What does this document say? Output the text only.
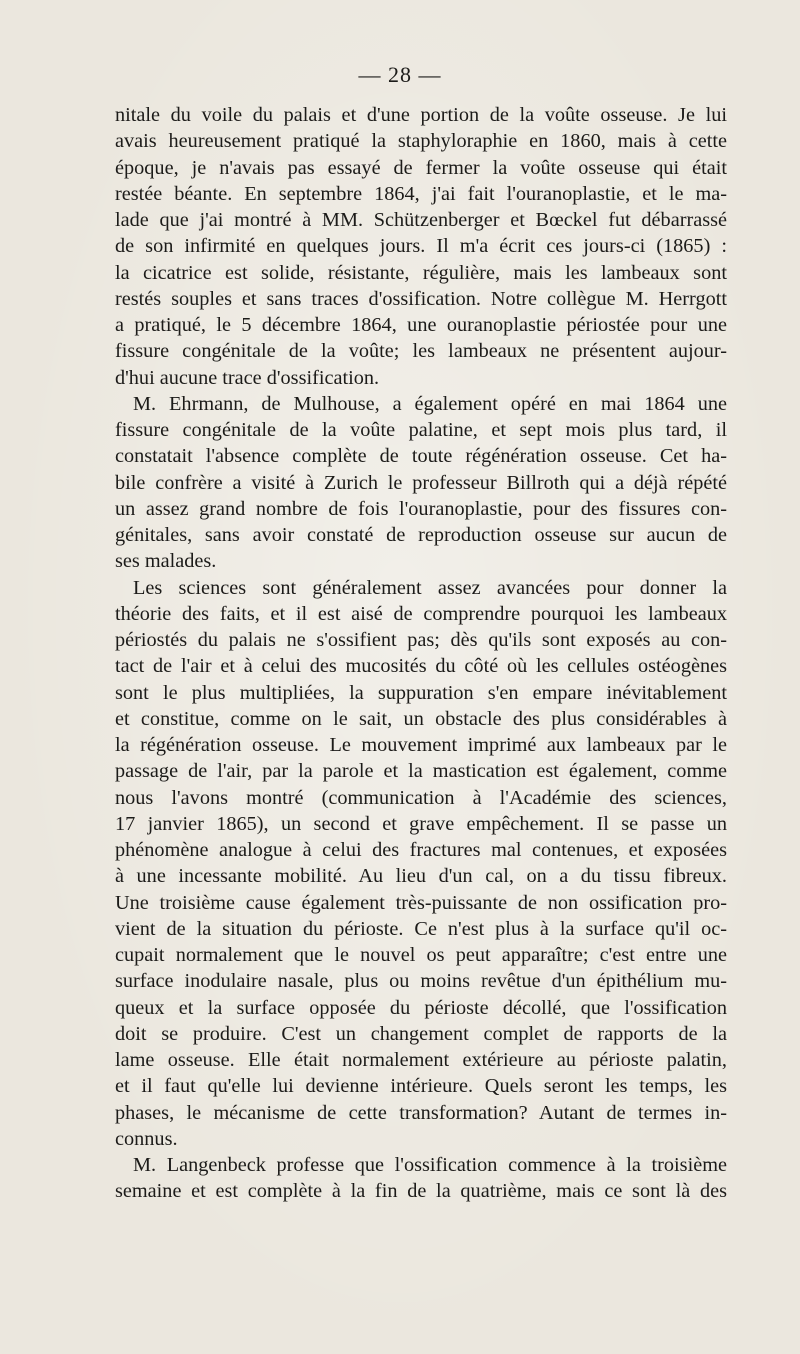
— 28 —
nitale du voile du palais et d'une portion de la voûte osseuse. Je lui
avais heureusement pratiqué la staphyloraphie en 1860, mais à cette
époque, je n'avais pas essayé de fermer la voûte osseuse qui était
restée béante. En septembre 1864, j'ai fait l'ouranoplastie, et le ma-
lade que j'ai montré à MM. Schützenberger et Bœckel fut débarrassé
de son infirmité en quelques jours. Il m'a écrit ces jours-ci (1865) :
la cicatrice est solide, résistante, régulière, mais les lambeaux sont
restés souples et sans traces d'ossification. Notre collègue M. Herrgott
a pratiqué, le 5 décembre 1864, une ouranoplastie périostée pour une
fissure congénitale de la voûte; les lambeaux ne présentent aujour-
d'hui aucune trace d'ossification.
M. Ehrmann, de Mulhouse, a également opéré en mai 1864 une
fissure congénitale de la voûte palatine, et sept mois plus tard, il
constatait l'absence complète de toute régénération osseuse. Cet ha-
bile confrère a visité à Zurich le professeur Billroth qui a déjà répété
un assez grand nombre de fois l'ouranoplastie, pour des fissures con-
génitales, sans avoir constaté de reproduction osseuse sur aucun de
ses malades.
Les sciences sont généralement assez avancées pour donner la
théorie des faits, et il est aisé de comprendre pourquoi les lambeaux
périostés du palais ne s'ossifient pas; dès qu'ils sont exposés au con-
tact de l'air et à celui des mucosités du côté où les cellules ostéogènes
sont le plus multipliées, la suppuration s'en empare inévitablement
et constitue, comme on le sait, un obstacle des plus considérables à
la régénération osseuse. Le mouvement imprimé aux lambeaux par le
passage de l'air, par la parole et la mastication est également, comme
nous l'avons montré (communication à l'Académie des sciences,
17 janvier 1865), un second et grave empêchement. Il se passe un
phénomène analogue à celui des fractures mal contenues, et exposées
à une incessante mobilité. Au lieu d'un cal, on a du tissu fibreux.
Une troisième cause également très-puissante de non ossification pro-
vient de la situation du périoste. Ce n'est plus à la surface qu'il oc-
cupait normalement que le nouvel os peut apparaître; c'est entre une
surface inodulaire nasale, plus ou moins revêtue d'un épithélium mu-
queux et la surface opposée du périoste décollé, que l'ossification
doit se produire. C'est un changement complet de rapports de la
lame osseuse. Elle était normalement extérieure au périoste palatin,
et il faut qu'elle lui devienne intérieure. Quels seront les temps, les
phases, le mécanisme de cette transformation? Autant de termes in-
connus.
M. Langenbeck professe que l'ossification commence à la troisième
semaine et est complète à la fin de la quatrième, mais ce sont là des
